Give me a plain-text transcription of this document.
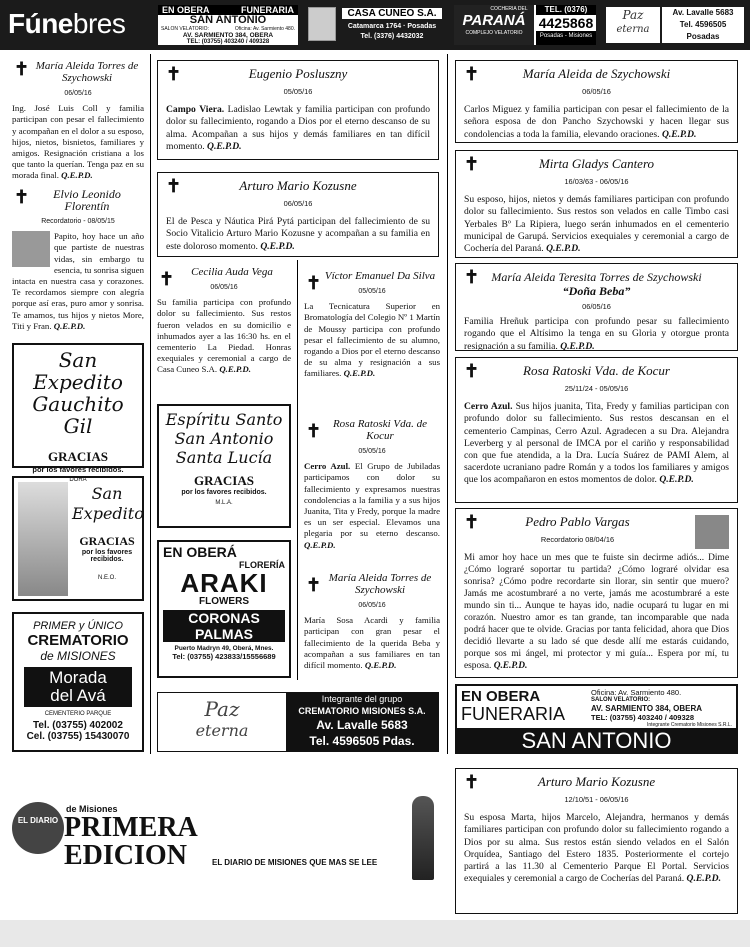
Fúnebres	EN OBERA	FUNERARIA
SAN ANTONIO
SALON VELATORIO:	Oficina: Av. Sarmiento 480.
AV. SARMIENTO 384, OBERA
TEL: (03755) 403240 / 409328
CASA CUNEO S.A.
Catamarca 1764 · Posadas
Tel. (3376) 4432032
COCHERIA DEL
PARANÁ
COMPLEJO VELATORIO
TEL. (0376)
4425868
Posadas - Misiones
Paz
eterna
Av. Lavalle 5683
Tel. 4596505
Posadas
✝ María Aleida Torres de Szychowski
06/05/16
Ing. José Luis Coll y familia participan con pesar el fallecimiento y acompañan en el dolor a su esposo, hijos, nietos, bisnietos, familiares y amigos. Resignación cristiana a los que tanto la querían. Tenga paz en su morada final. Q.E.P.D.
✝	Elvio Leonido Florentín
Recordatorio - 08/05/15
Papito, hoy hace un año que partiste de nuestras vidas, sin embargo tu esencia, tu sonrisa siguen intacta en nuestra casa y corazones. Te recordamos siempre con alegría porque así eras, puro amor y sonrisa. Te amamos, tus hijos y nietos More, Titi y Fran. Q.E.P.D.
San Expedito
Gauchito Gil
GRACIAS
por los favores recibidos.
DORA
San
Expedito
GRACIAS
por los favores recibidos.
N.E.O.
PRIMER y ÚNICO
CREMATORIO
de MISIONES
Morada
del Avá
CEMENTERIO PARQUE
Tel. (03755) 402002
Cel. (03755) 15430070
✝	Eugenio Posluszny
05/05/16
Campo Viera. Ladislao Lewtak y familia participan con profundo dolor su fallecimiento, rogando a Dios por el eterno descanso de su alma. Acompañan a sus hijos y demás familiares en tan difícil momento. Q.E.P.D.
✝	Arturo Mario Kozusne
06/05/16
El de Pesca y Náutica Pirá Pytá participan del fallecimiento de su Socio Vitalicio Arturo Mario Kozusne y acompañan a su familia en este doloroso momento. Q.E.P.D.
✝	Cecilia Auda Vega
06/05/16
Su familia participa con profundo dolor su fallecimiento. Sus restos fueron velados en su domicilio e inhumados ayer a las 16:30 hs. en el cementerio La Piedad. Honras exequiales y ceremonial a cargo de Casa Cuneo S.A. Q.E.P.D.
Espíritu Santo
San Antonio
Santa Lucía
GRACIAS
por los favores recibidos.
M.L.A.
EN OBERÁ
FLORERÍA
ARAKI
FLOWERS
CORONAS
PALMAS
Puerto Madryn 49, Oberá, Mnes.
Tel: (03755) 423833/15556689
Paz
eterna
Integrante del grupo
CREMATORIO MISIONES S.A.
Av. Lavalle 5683
Tel. 4596505 Pdas.
✝ Víctor Emanuel Da Silva
05/05/16
La Tecnicatura Superior en Bromatología del Colegio Nº 1 Martín de Moussy participa con profundo pesar el fallecimiento de su alumno, rogando a Dios por el eterno descanso de su alma y resignación a sus familiares. Q.E.P.D.
✝	Rosa Ratoski Vda. de Kocur
05/05/16
Cerro Azul. El Grupo de Jubiladas participamos con dolor su fallecimiento y expresamos nuestras condolencias a la familia y a sus hijos Juanita, Tita y Fredy, porque la madre es un ser especial. Elevamos una plegaria por su eterno descanso. Q.E.P.D.
✝ María Aleida Torres de Szychowski
06/05/16
María Sosa Acardi y familia participan con gran pesar el fallecimiento de la querida Beba y acompañan a sus familiares en tan difícil momento. Q.E.P.D.
✝	María Aleida de Szychowski
06/05/16
Carlos Miguez y familia participan con pesar el fallecimiento de la señora esposa de don Pancho Szychowski y hacen llegar sus condolencias a toda la familia, elevando oraciones. Q.E.P.D.
✝	Mirta Gladys Cantero
16/03/63 - 06/05/16
Su esposo, hijos, nietos y demás familiares participan con profundo dolor su fallecimiento. Sus restos son velados en calle Timbo casi Yerbales Bº La Ripiera, luego serán inhumados en el cementerio municipal de Garupá. Servicios exequiales y ceremonial a cargo de Cochería del Paraná. Q.E.P.D.
✝	María Aleida Teresita Torres de Szychowski
“Doña Beba”
06/05/16
Familia Hreñuk participa con profundo pesar su fallecimiento rogando que el Altísimo la tenga en su Gloria y otorgue pronta resignación a su familia. Q.E.P.D.
✝	Rosa Ratoski Vda. de Kocur
25/11/24 - 05/05/16
Cerro Azul. Sus hijos juanita, Tita, Fredy y familias participan con profundo dolor su fallecimiento. Sus restos descansan en el cementerio Campinas, Cerro Azul. Agradecen a su Dra. Alejandra Leverberg y al personal de IMCA por el cariño y responsabilidad con que fue atendida, a la Dra. Lucía Suárez de PAMI Alem, al sacerdote ucraniano padre Román y a todos los familiares y amigos que los acompañaron en estos momentos de dolor. Q.E.P.D.
✝	Pedro Pablo Vargas
Recordatorio 08/04/16
Mi amor hoy hace un mes que te fuiste sin decirme adiós... Dime ¿Cómo lograré soportar tu partida? ¿Cómo lograré olvidar esa sonrisa? ¿Cómo podre recordarte sin llorar, sin sentir que muero? Jamás me acostumbraré a no verte, jamás me acostumbraré a este mundo sin ti... Aunque te hayas ido, nadie ocupará tu lugar en mi corazón. Nuestro amor es tan grande, tan incomparable que nada podrá hacer que te olvide. Gracias por tanta felicidad, ahora que Dios decidió llevarte a su lado sé que desde allí me estarás cuidando, porque sos mi ángel, mi protector y mi guía... Espera por mí, tu esposa. Q.E.P.D.
EN OBERA
FUNERARIA
Oficina: Av. Sarmiento 480.
SALON VELATORIO:
AV. SARMIENTO 384, OBERA
TEL: (03755) 403240 / 409328
Integrante Crematorio Misiones S.R.L.
SAN ANTONIO
✝	Arturo Mario Kozusne
12/10/51 - 06/05/16
Su esposa Marta, hijos Marcelo, Alejandra, hermanos y demás familiares participan con profundo dolor su fallecimiento rogando a Dios por su alma. Sus restos están siendo velados en el Salón Orquídea, Santiago del Estero 1835. Posteriormente el cortejo partirá a las 11.30 al Cementerio Parque El Portal. Servicios exequiales y ceremonial a cargo de Cocherías del Paraná. Q.E.P.D.
EL DIARIO
de Misiones
PRIMERA
EDICION	EL DIARIO DE MISIONES QUE MAS SE LEE
